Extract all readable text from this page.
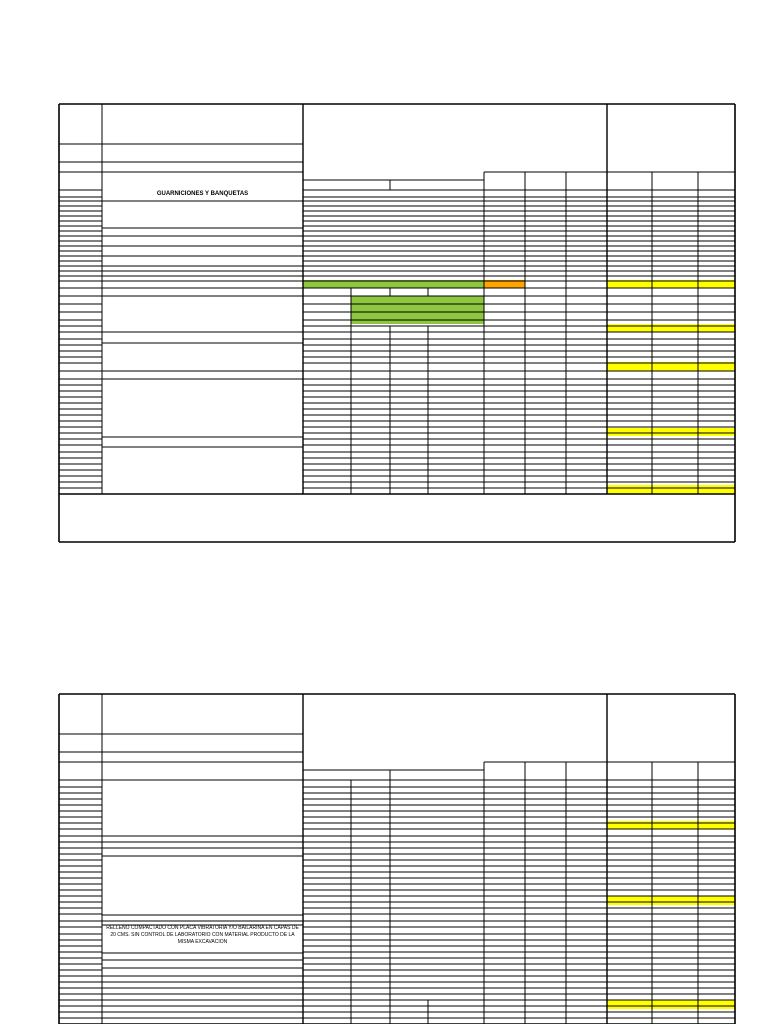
GUARNICIONES Y BANQUETAS
RELLENO COMPACTADO CON PLACA VIBRATORIA Y/O BAILARINA EN CAPAS DE 20 CMS. SIN CONTROL DE LABORATORIO CON MATERIAL PRODUCTO DE LA MISMA EXCAVACION
